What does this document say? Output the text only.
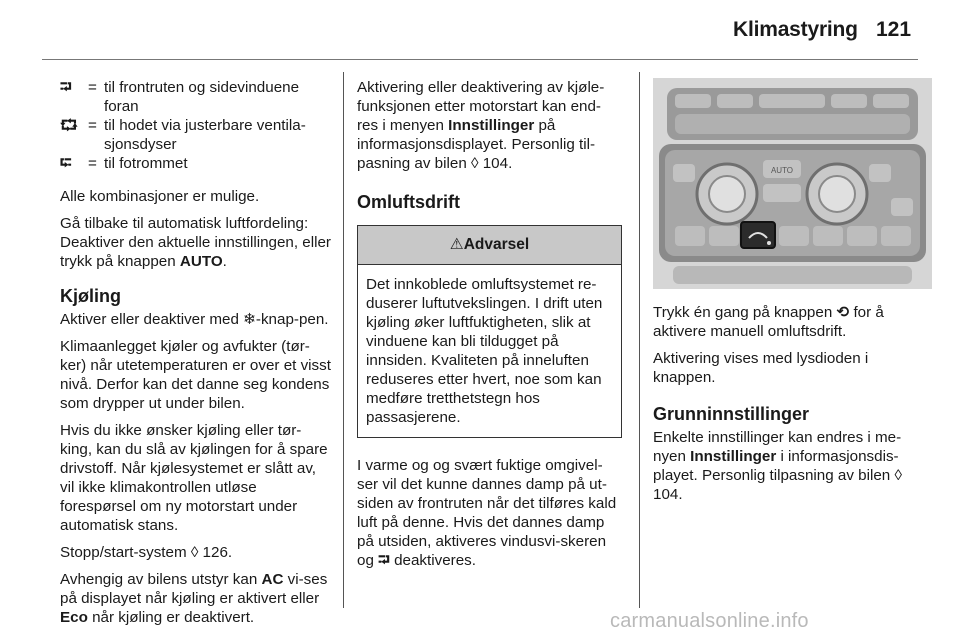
Klimastyring 121
⮒	= til frontruten og sidevinduene foran
⮔ = til hodet via justerbare ventila-sjonsdyser
⮓	= til fotrommet

Alle kombinasjoner er mulige.

Gå tilbake til automatisk luftfordeling: Deaktiver den aktuelle innstillingen, eller trykk på knappen AUTO.

Kjøling

Aktiver eller deaktiver med ❄-knap-pen.

Klimaanlegget kjøler og avfukter (tør-ker) når utetemperaturen er over et visst nivå. Derfor kan det danne seg kondens som drypper ut under bilen.

Hvis du ikke ønsker kjøling eller tør-king, kan du slå av kjølingen for å spare drivstoff. Når kjølesystemet er slått av, vil ikke klimakontrollen utløse forespørsel om ny motorstart under automatisk stans.

Stopp/start-system ◊ 126.

Avhengig av bilens utstyr kan AC vi-ses på displayet når kjøling er aktivert eller Eco når kjøling er deaktivert.

Aktivering eller deaktivering av kjøle-funksjonen etter motorstart kan end-res i menyen Innstillinger på informasjonsdisplayet. Personlig til-pasning av bilen ◊ 104.

Omluftsdrift
⚠Advarsel
Det innkoblede omluftsystemet re-duserer luftutvekslingen. I drift uten kjøling øker luftfuktigheten, slik at vinduene kan bli tildugget på innsiden. Kvaliteten på inneluften reduseres etter hvert, noe som kan medføre tretthetstegn hos passasjerene.

I varme og og svært fuktige omgivel-ser vil det kunne dannes damp på ut-siden av frontruten når det tilføres kald luft på denne. Hvis det dannes damp på utsiden, aktiveres vindusvi-skeren og ⮒ deaktiveres.

AUTO

Trykk én gang på knappen ⟲ for å aktivere manuell omluftsdrift.

Aktivering vises med lysdioden i knappen.

Grunninnstillinger

Enkelte innstillinger kan endres i me-nyen Innstillinger i informasjonsdis-playet. Personlig tilpasning av bilen ◊ 104.

carmanualsonline.info
